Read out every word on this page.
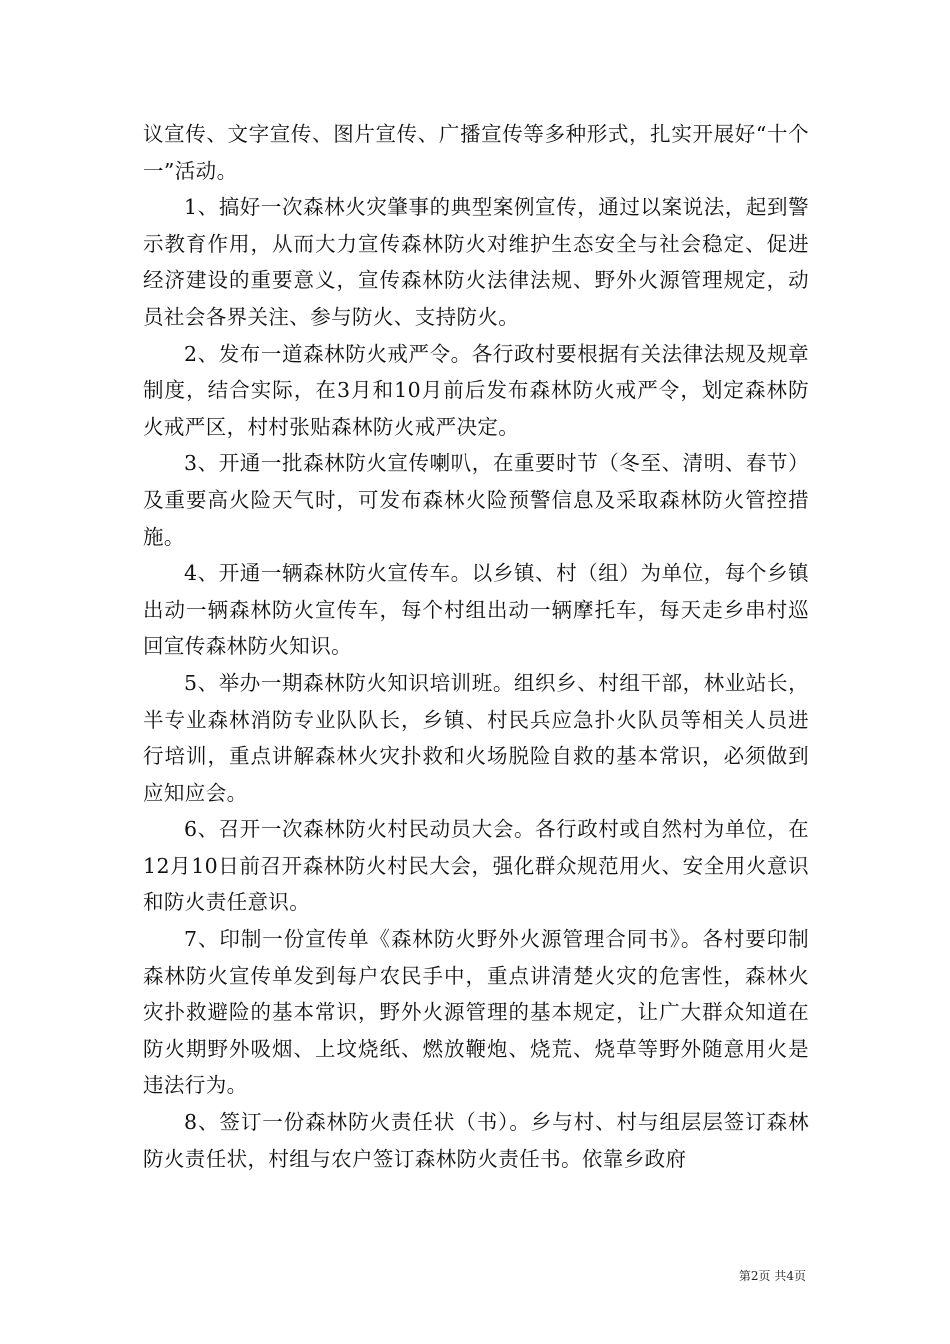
议宣传、文字宣传、图片宣传、广播宣传等多种形式，扎实开展好“十个一”活动。

1、搞好一次森林火灾肇事的典型案例宣传，通过以案说法，起到警示教育作用，从而大力宣传森林防火对维护生态安全与社会稳定、促进经济建设的重要意义，宣传森林防火法律法规、野外火源管理规定，动员社会各界关注、参与防火、支持防火。

2、发布一道森林防火戒严令。各行政村要根据有关法律法规及规章制度，结合实际，在3月和10月前后发布森林防火戒严令，划定森林防火戒严区，村村张贴森林防火戒严决定。

3、开通一批森林防火宣传喇叭，在重要时节（冬至、清明、春节）及重要高火险天气时，可发布森林火险预警信息及采取森林防火管控措施。

4、开通一辆森林防火宣传车。以乡镇、村（组）为单位，每个乡镇出动一辆森林防火宣传车，每个村组出动一辆摩托车，每天走乡串村巡回宣传森林防火知识。

5、举办一期森林防火知识培训班。组织乡、村组干部，林业站长，半专业森林消防专业队队长，乡镇、村民兵应急扑火队员等相关人员进行培训，重点讲解森林火灾扑救和火场脱险自救的基本常识，必须做到应知应会。

6、召开一次森林防火村民动员大会。各行政村或自然村为单位，在12月10日前召开森林防火村民大会，强化群众规范用火、安全用火意识和防火责任意识。

7、印制一份宣传单《森林防火野外火源管理合同书》。各村要印制森林防火宣传单发到每户农民手中，重点讲清楚火灾的危害性，森林火灾扑救避险的基本常识，野外火源管理的基本规定，让广大群众知道在防火期野外吸烟、上坟烧纸、燃放鞭炮、烧荒、烧草等野外随意用火是违法行为。

8、签订一份森林防火责任状（书）。乡与村、村与组层层签订森林防火责任状，村组与农户签订森林防火责任书。依靠乡政府

第2页 共4页
